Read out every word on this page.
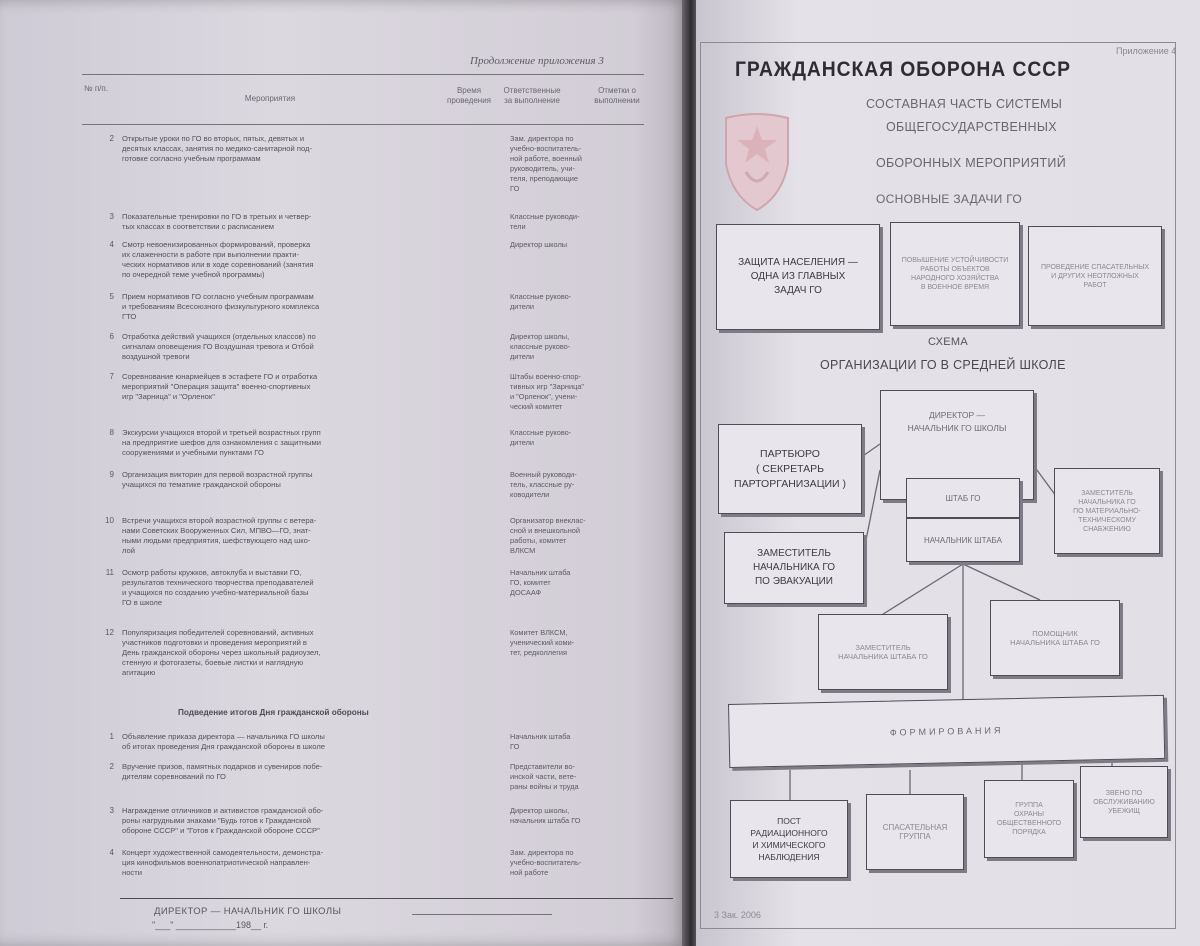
Продолжение приложения 3
№ п/п.
Мероприятия
Время проведения
Ответственные за выполнение
Отметки о выполнении
2 Открытые уроки по ГО во вторых, пятых, девятых и
десятых классах, занятия по медико-санитарной под-
готовке согласно учебным программам
Зам. директора по
учебно-воспитатель-
ной работе, военный
руководитель, учи-
теля, преподающие
ГО
3 Показательные тренировки по ГО в третьих и четвер-
тых классах в соответствии с расписанием
Классные руководи-
тели
4 Смотр невоенизированных формирований, проверка
их слаженности в работе при выполнении практи-
ческих нормативов или в ходе соревнований (занятия
по очередной теме учебной программы)
Директор школы
5 Прием нормативов ГО согласно учебным программам
и требованиям Всесоюзного физкультурного комплекса
ГТО
Классные руково-
дители
6 Отработка действий учащихся (отдельных классов) по
сигналам оповещения ГО Воздушная тревога и Отбой
воздушной тревоги
Директор школы,
классные руково-
дители
7 Соревнование юнармейцев в эстафете ГО и отработка
мероприятий "Операция защита" военно-спортивных
игр "Зарница" и "Орленок"
Штабы военно-спор-
тивных игр "Зарница"
и "Орленок", учени-
ческий комитет
8 Экскурсии учащихся второй и третьей возрастных групп
на предприятие шефов для ознакомления с защитными
сооружениями и учебными пунктами ГО
Классные руково-
дители
9 Организация викторин для первой возрастной группы
учащихся по тематике гражданской обороны
Военный руководи-
тель, классные ру-
ководители
10 Встречи учащихся второй возрастной группы с ветера-
нами Советских Вооруженных Сил, МПВО—ГО, знат-
ными людьми предприятия, шефствующего над шко-
лой
Организатор внеклас-
сной и внешкольной
работы, комитет
ВЛКСМ
11 Осмотр работы кружков, автоклуба и выставки ГО,
результатов технического творчества преподавателей
и учащихся по созданию учебно-материальной базы
ГО в школе
Начальник штаба
ГО, комитет
ДОСААФ
12 Популяризация победителей соревнований, активных
участников подготовки и проведения мероприятий в
День гражданской обороны через школьный радиоузел,
стенную и фотогазеты, боевые листки и наглядную
агитацию
Комитет ВЛКСМ,
ученический коми-
тет, редколлегия
Подведение итогов Дня гражданской обороны
1 Объявление приказа директора — начальника ГО школы
об итогах проведения Дня гражданской обороны в школе
Начальник штаба
ГО
2 Вручение призов, памятных подарков и сувениров побе-
дителям соревнований по ГО
Представители во-
инской части, вете-
раны войны и труда
3 Награждение отличников и активистов гражданской обо-
роны нагрудными знаками "Будь готов к Гражданской
обороне СССР" и "Готов к Гражданской обороне СССР"
Директор школы,
начальник штаба ГО
4 Концерт художественной самодеятельности, демонстра-
ция кинофильмов военнопатриотической направлен-
ности
Зам. директора по
учебно-воспитатель-
ной работе
ДИРЕКТОР — НАЧАЛЬНИК ГО ШКОЛЫ
"___" ____________198__ г.
Приложение 4
ГРАЖДАНСКАЯ ОБОРОНА СССР
СОСТАВНАЯ ЧАСТЬ СИСТЕМЫ
ОБЩЕГОСУДАРСТВЕННЫХ
ОБОРОННЫХ МЕРОПРИЯТИЙ
ОСНОВНЫЕ ЗАДАЧИ ГО
ЗАЩИТА НАСЕЛЕНИЯ —
ОДНА ИЗ ГЛАВНЫХ
ЗАДАЧ ГО
ПОВЫШЕНИЕ УСТОЙЧИВОСТИ
РАБОТЫ ОБЪЕКТОВ
НАРОДНОГО ХОЗЯЙСТВА
В ВОЕННОЕ ВРЕМЯ
ПРОВЕДЕНИЕ СПАСАТЕЛЬНЫХ
И ДРУГИХ НЕОТЛОЖНЫХ
РАБОТ
СХЕМА
ОРГАНИЗАЦИИ ГО В СРЕДНЕЙ ШКОЛЕ
ДИРЕКТОР —
НАЧАЛЬНИК ГО ШКОЛЫ
ПАРТБЮРО
( СЕКРЕТАРЬ
ПАРТОРГАНИЗАЦИИ )
ШТАБ ГО
НАЧАЛЬНИК ШТАБА
ЗАМЕСТИТЕЛЬ
НАЧАЛЬНИКА ГО
ПО МАТЕРИАЛЬНО-
ТЕХНИЧЕСКОМУ
СНАБЖЕНИЮ
ЗАМЕСТИТЕЛЬ
НАЧАЛЬНИКА ГО
ПО ЭВАКУАЦИИ
ЗАМЕСТИТЕЛЬ
НАЧАЛЬНИКА ШТАБА ГО
ПОМОЩНИК
НАЧАЛЬНИКА ШТАБА ГО
ФОРМИРОВАНИЯ
ПОСТ
РАДИАЦИОННОГО
И ХИМИЧЕСКОГО
НАБЛЮДЕНИЯ
СПАСАТЕЛЬНАЯ
ГРУППА
ГРУППА
ОХРАНЫ
ОБЩЕСТВЕННОГО
ПОРЯДКА
ЗВЕНО ПО
ОБСЛУЖИВАНИЮ
УБЕЖИЩ
3 Зак. 2006
